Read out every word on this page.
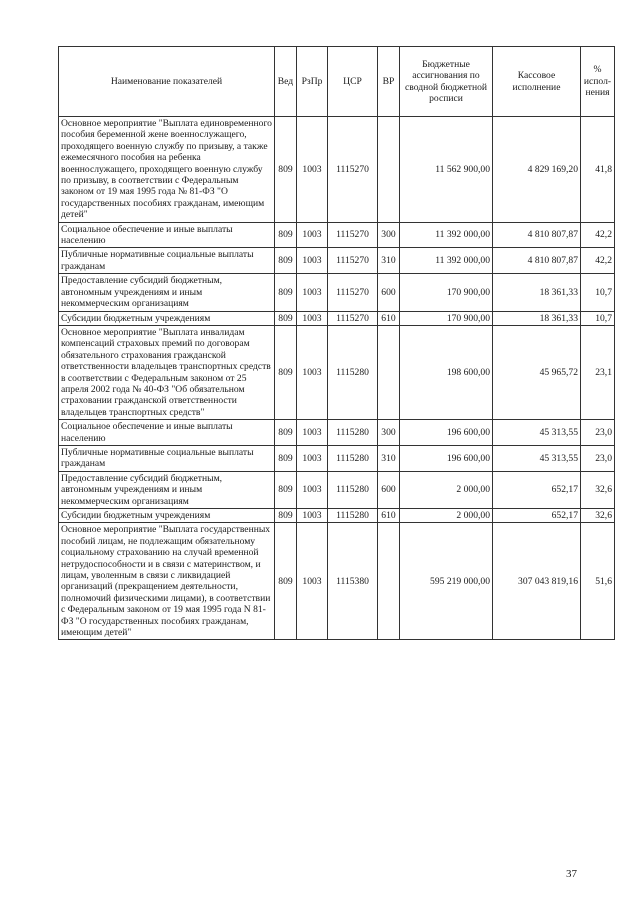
Наименование показателей	Вед	РзПр	ЦСР	ВР	Бюджетные ассигнования по сводной бюджетной росписи	Кассовое исполнение	% испол-нения
Основное мероприятие "Выплата единовременного пособия беременной жене военнослужащего, проходящего военную службу по призыву, а также ежемесячного пособия на ребенка военнослужащего, проходящего военную службу по призыву, в соответствии с Федеральным законом от 19 мая 1995 года № 81-ФЗ "О государственных пособиях гражданам, имеющим детей"	809	1003	1115270		11 562 900,00	4 829 169,20	41,8
Социальное обеспечение и иные выплаты населению	809	1003	1115270	300	11 392 000,00	4 810 807,87	42,2
Публичные нормативные социальные выплаты гражданам	809	1003	1115270	310	11 392 000,00	4 810 807,87	42,2
Предоставление субсидий бюджетным, автономным учреждениям и иным некоммерческим организациям	809	1003	1115270	600	170 900,00	18 361,33	10,7
Субсидии бюджетным учреждениям	809	1003	1115270	610	170 900,00	18 361,33	10,7
Основное мероприятие "Выплата инвалидам компенсаций страховых премий по договорам обязательного страхования гражданской ответственности владельцев транспортных средств в соответствии с Федеральным законом от 25 апреля 2002 года № 40-ФЗ "Об обязательном страховании гражданской ответственности владельцев транспортных средств"	809	1003	1115280		198 600,00	45 965,72	23,1
Социальное обеспечение и иные выплаты населению	809	1003	1115280	300	196 600,00	45 313,55	23,0
Публичные нормативные социальные выплаты гражданам	809	1003	1115280	310	196 600,00	45 313,55	23,0
Предоставление субсидий бюджетным, автономным учреждениям и иным некоммерческим организациям	809	1003	1115280	600	2 000,00	652,17	32,6
Субсидии бюджетным учреждениям	809	1003	1115280	610	2 000,00	652,17	32,6
Основное мероприятие "Выплата государственных пособий лицам, не подлежащим обязательному социальному страхованию на случай временной нетрудоспособности и в связи с материнством, и лицам, уволенным в связи с ликвидацией организаций (прекращением деятельности, полномочий физическими лицами), в соответствии с Федеральным законом от 19 мая 1995 года N 81-ФЗ "О государственных пособиях гражданам, имеющим детей"	809	1003	1115380		595 219 000,00	307 043 819,16	51,6
37
